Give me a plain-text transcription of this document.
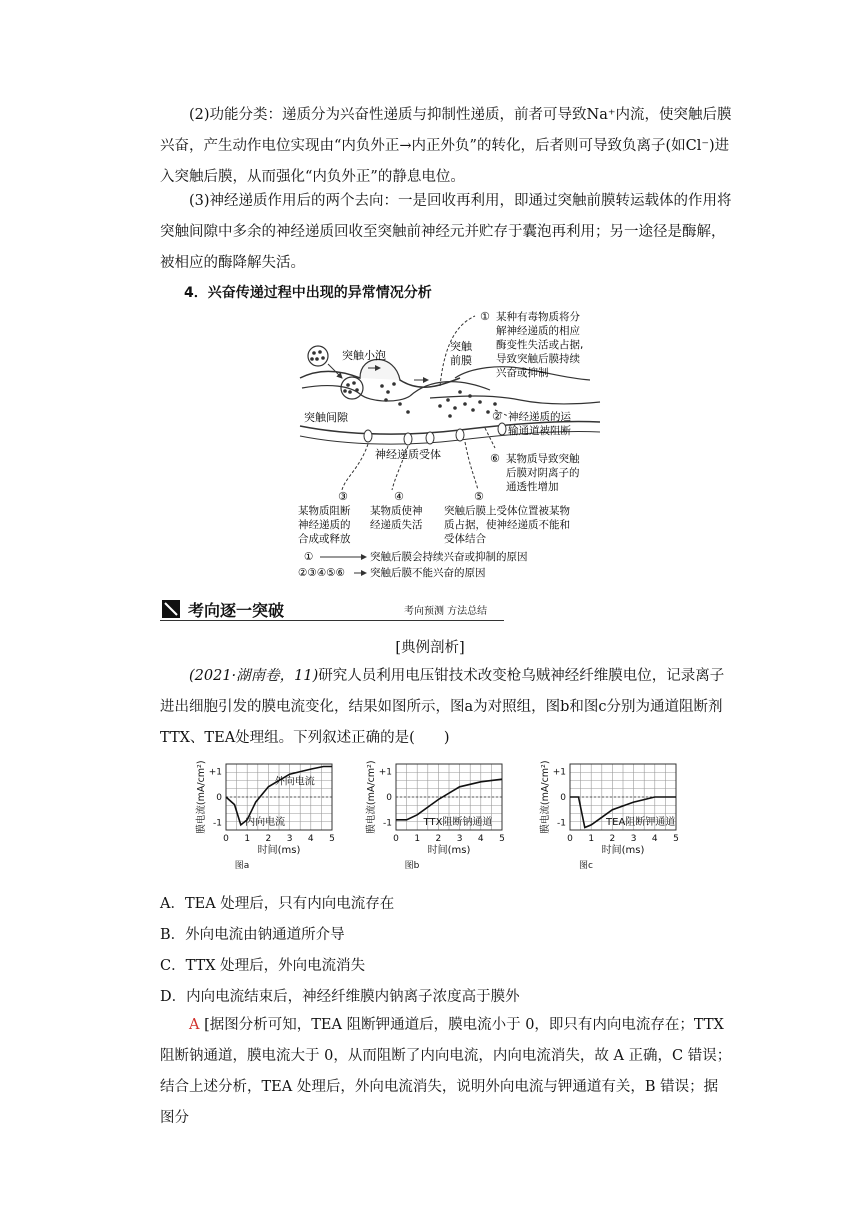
(2)功能分类：递质分为兴奋性递质与抑制性递质，前者可导致Na⁺内流，使突触后膜兴奋，产生动作电位实现由“内负外正→内正外负”的转化，后者则可导致负离子(如Cl⁻)进入突触后膜，从而强化“内负外正”的静息电位。
(3)神经递质作用后的两个去向：一是回收再利用，即通过突触前膜转运载体的作用将突触间隙中多余的神经递质回收至突触前神经元并贮存于囊泡再利用；另一途径是酶解，被相应的酶降解失活。
4．兴奋传递过程中出现的异常情况分析
突触小泡
突触间隙
突触
前膜
神经递质受体
① 某种有毒物质将分
解神经递质的相应
酶变性失活或占据,
导致突触后膜持续
兴奋或抑制
② 神经递质的运
输通道被阻断
⑥ 某物质导致突触
后膜对阴离子的
通透性增加
③
某物质阻断
神经递质的
合成或释放
④
某物质使神
经递质失活
⑤
突触后膜上受体位置被某物
质占据，使神经递质不能和
受体结合
①	突触后膜会持续兴奋或抑制的原因
②③④⑤⑥ 突触后膜不能兴奋的原因
考向逐一突破	考向预测 方法总结
[典例剖析]
(2021·湖南卷，11)研究人员利用电压钳技术改变枪乌贼神经纤维膜电位，记录离子进出细胞引发的膜电流变化，结果如图所示，图a为对照组，图b和图c分别为通道阻断剂TTX、TEA处理组。下列叙述正确的是(　　)
+1
0
-1
0 1 2 3 4 5
时间(ms)
膜电流(mA/cm²)	外向电流
内向电流
图a
+1
0
-1
0 1 2 3 4 5
时间(ms)
膜电流(mA/cm²)	TTX阻断钠通道
图b
+1
0
-1
0 1 2 3 4 5
时间(ms)
膜电流(mA/cm²)	TEA阻断钾通道
图c
A．TEA 处理后，只有内向电流存在
B．外向电流由钠通道所介导
C．TTX 处理后，外向电流消失
D．内向电流结束后，神经纤维膜内钠离子浓度高于膜外
A [据图分析可知，TEA 阻断钾通道后，膜电流小于 0，即只有内向电流存在；TTX 阻断钠通道，膜电流大于 0，从而阻断了内向电流，内向电流消失，故 A 正确，C 错误；结合上述分析，TEA 处理后，外向电流消失，说明外向电流与钾通道有关，B 错误；据图分
